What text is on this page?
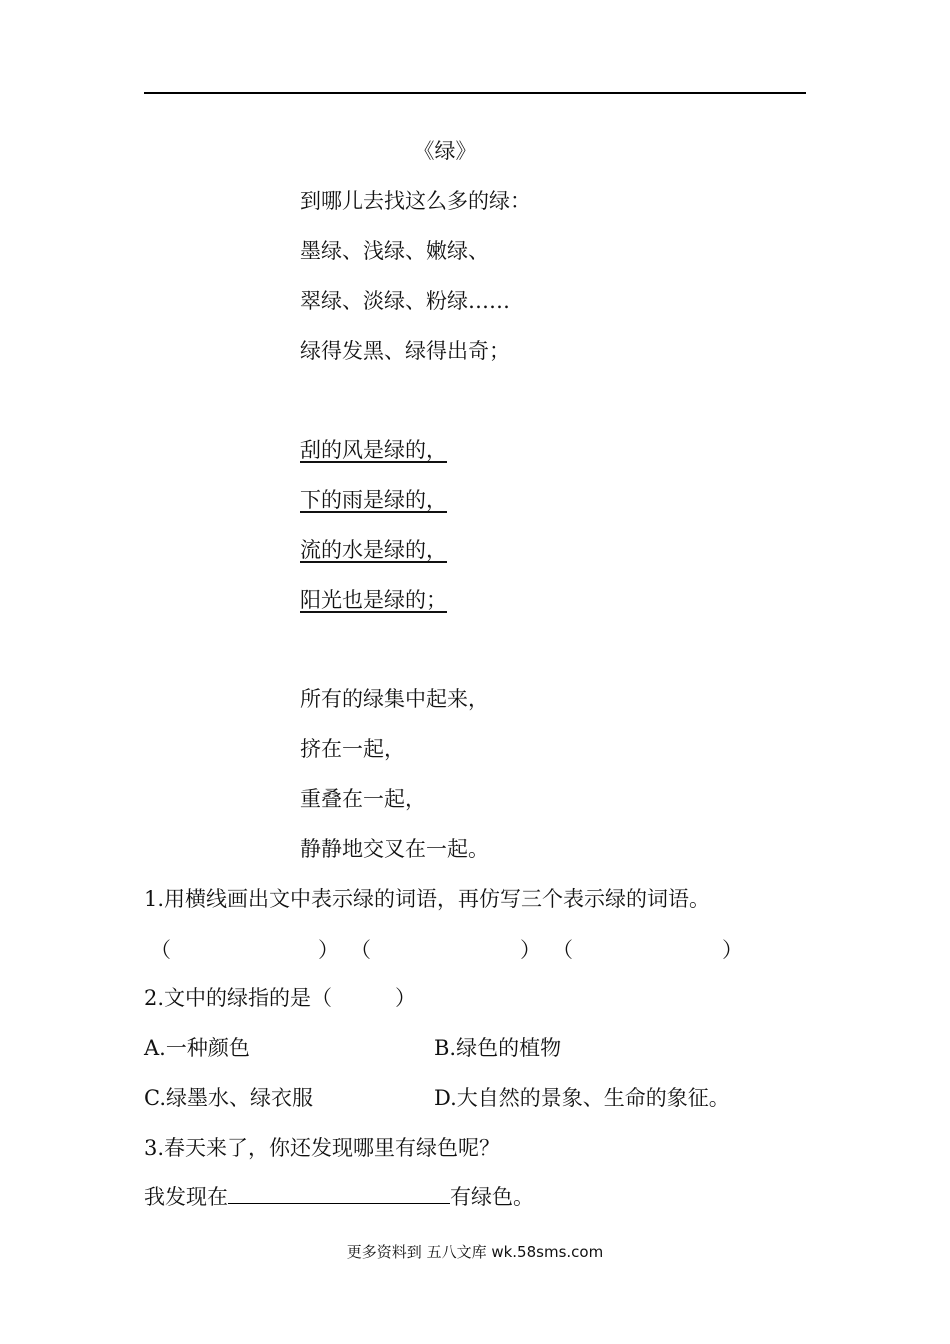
《绿》
到哪儿去找这么多的绿：
墨绿、浅绿、嫩绿、
翠绿、淡绿、粉绿……
绿得发黑、绿得出奇；
刮的风是绿的，
下的雨是绿的，
流的水是绿的，
阳光也是绿的；
所有的绿集中起来，
挤在一起，
重叠在一起，
静静地交叉在一起。
1.用横线画出文中表示绿的词语，再仿写三个表示绿的词语。
（	） （	） （	）
2.文中的绿指的是（　　　）
A.一种颜色	B.绿色的植物
C.绿墨水、绿衣服	D.大自然的景象、生命的象征。
3.春天来了，你还发现哪里有绿色呢？
我发现在	有绿色。
更多资料到 五八文库 wk.58sms.com
